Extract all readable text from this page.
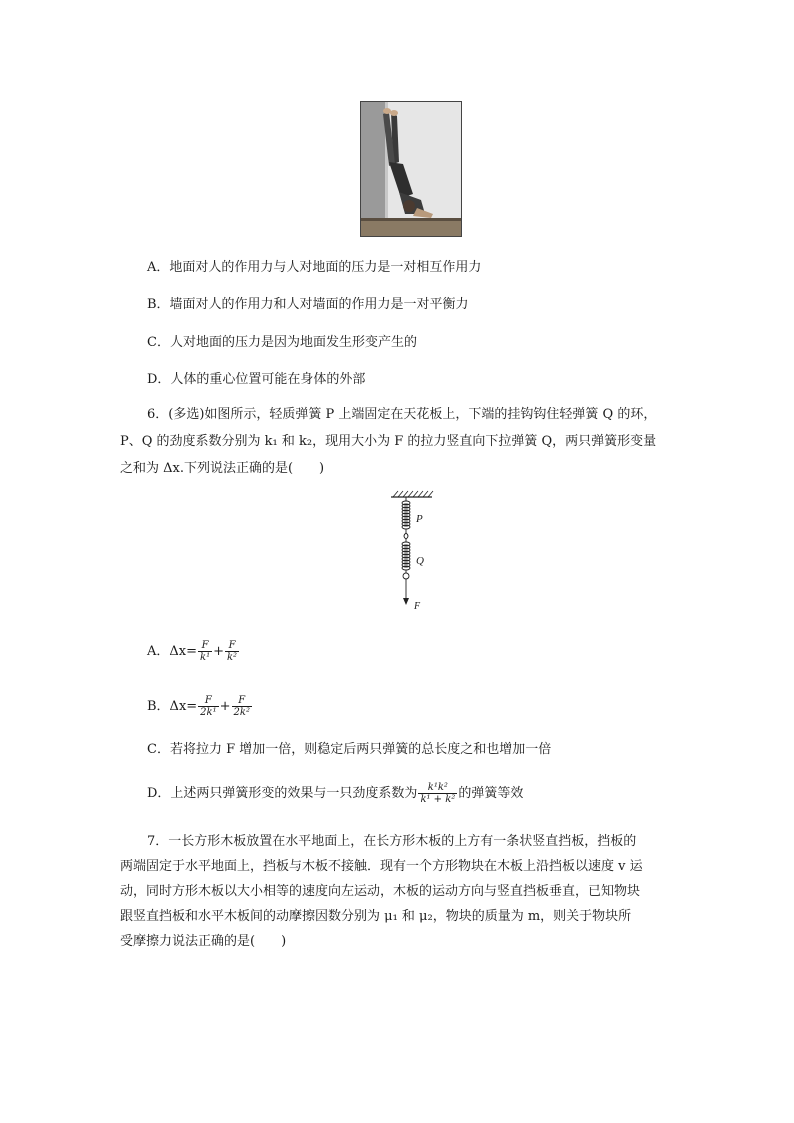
A．地面对人的作用力与人对地面的压力是一对相互作用力
B．墙面对人的作用力和人对墙面的作用力是一对平衡力
C．人对地面的压力是因为地面发生形变产生的
D．人体的重心位置可能在身体的外部
6．(多选)如图所示，轻质弹簧 P 上端固定在天花板上，下端的挂钩钩住轻弹簧 Q 的环，
P、Q 的劲度系数分别为 k₁ 和 k₂，现用大小为 F 的拉力竖直向下拉弹簧 Q，两只弹簧形变量
之和为 Δx.下列说法正确的是(　　)
P
Q
F
A．$\Delta x= \frac{F}{\text{k¹}} + \frac{F}{\text{k²}}$
B．$\Delta x= \frac{F}{\text{2k¹}} + \frac{F}{\text{2k²}}$
C．若将拉力 F 增加一倍，则稳定后两只弹簧的总长度之和也增加一倍
D．上述两只弹簧形变的效果与一只劲度系数为 $\frac{\text{k¹k²}}{\text{k¹ + k²}}$ 的弹簧等效
7．一长方形木板放置在水平地面上，在长方形木板的上方有一条状竖直挡板，挡板的
两端固定于水平地面上，挡板与木板不接触．现有一个方形物块在木板上沿挡板以速度 v 运
动，同时方形木板以大小相等的速度向左运动，木板的运动方向与竖直挡板垂直，已知物块
跟竖直挡板和水平木板间的动摩擦因数分别为 μ₁ 和 μ₂，物块的质量为 m，则关于物块所
受摩擦力说法正确的是(　　)
